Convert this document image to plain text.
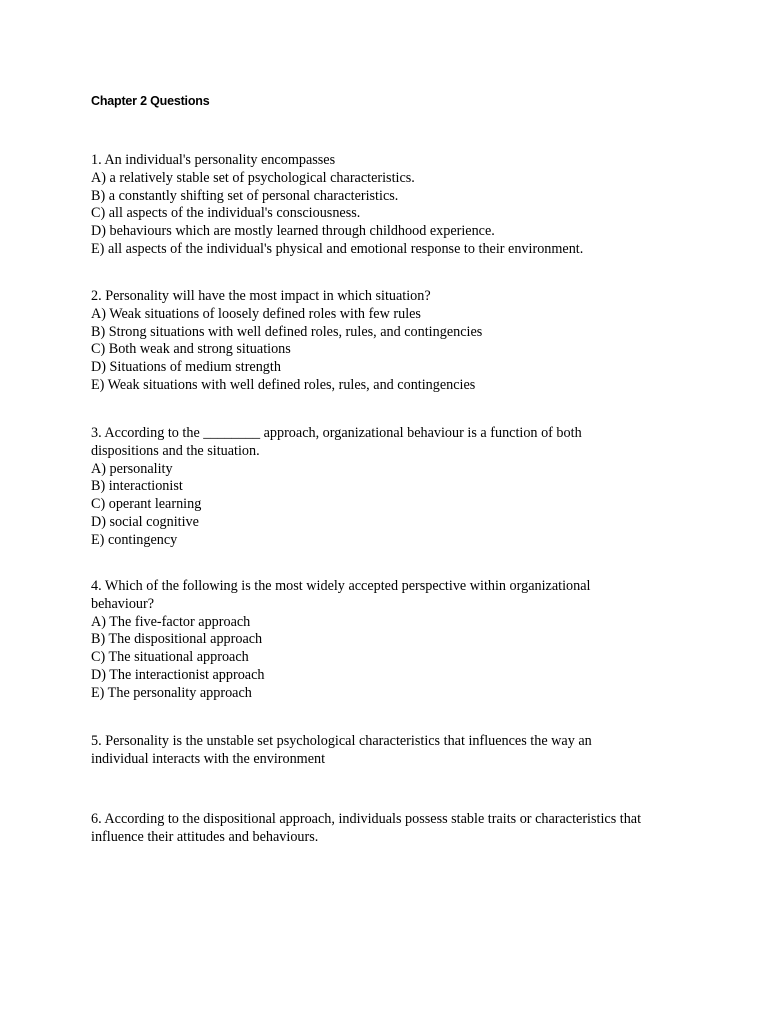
Chapter 2 Questions
1. An individual's personality encompasses
A) a relatively stable set of psychological characteristics.
B) a constantly shifting set of personal characteristics.
C) all aspects of the individual's consciousness.
D) behaviours which are mostly learned through childhood experience.
E) all aspects of the individual's physical and emotional response to their environment.
2. Personality will have the most impact in which situation?
A) Weak situations of loosely defined roles with few rules
B) Strong situations with well defined roles, rules, and contingencies
C) Both weak and strong situations
D) Situations of medium strength
E) Weak situations with well defined roles, rules, and contingencies
3. According to the ________ approach, organizational behaviour is a function of both
dispositions and the situation.
A) personality
B) interactionist
C) operant learning
D) social cognitive
E) contingency
4. Which of the following is the most widely accepted perspective within organizational
behaviour?
A) The five-factor approach
B) The dispositional approach
C) The situational approach
D) The interactionist approach
E) The personality approach
5. Personality is the unstable set psychological characteristics that influences the way an
individual interacts with the environment
6. According to the dispositional approach, individuals possess stable traits or characteristics that
influence their attitudes and behaviours.
